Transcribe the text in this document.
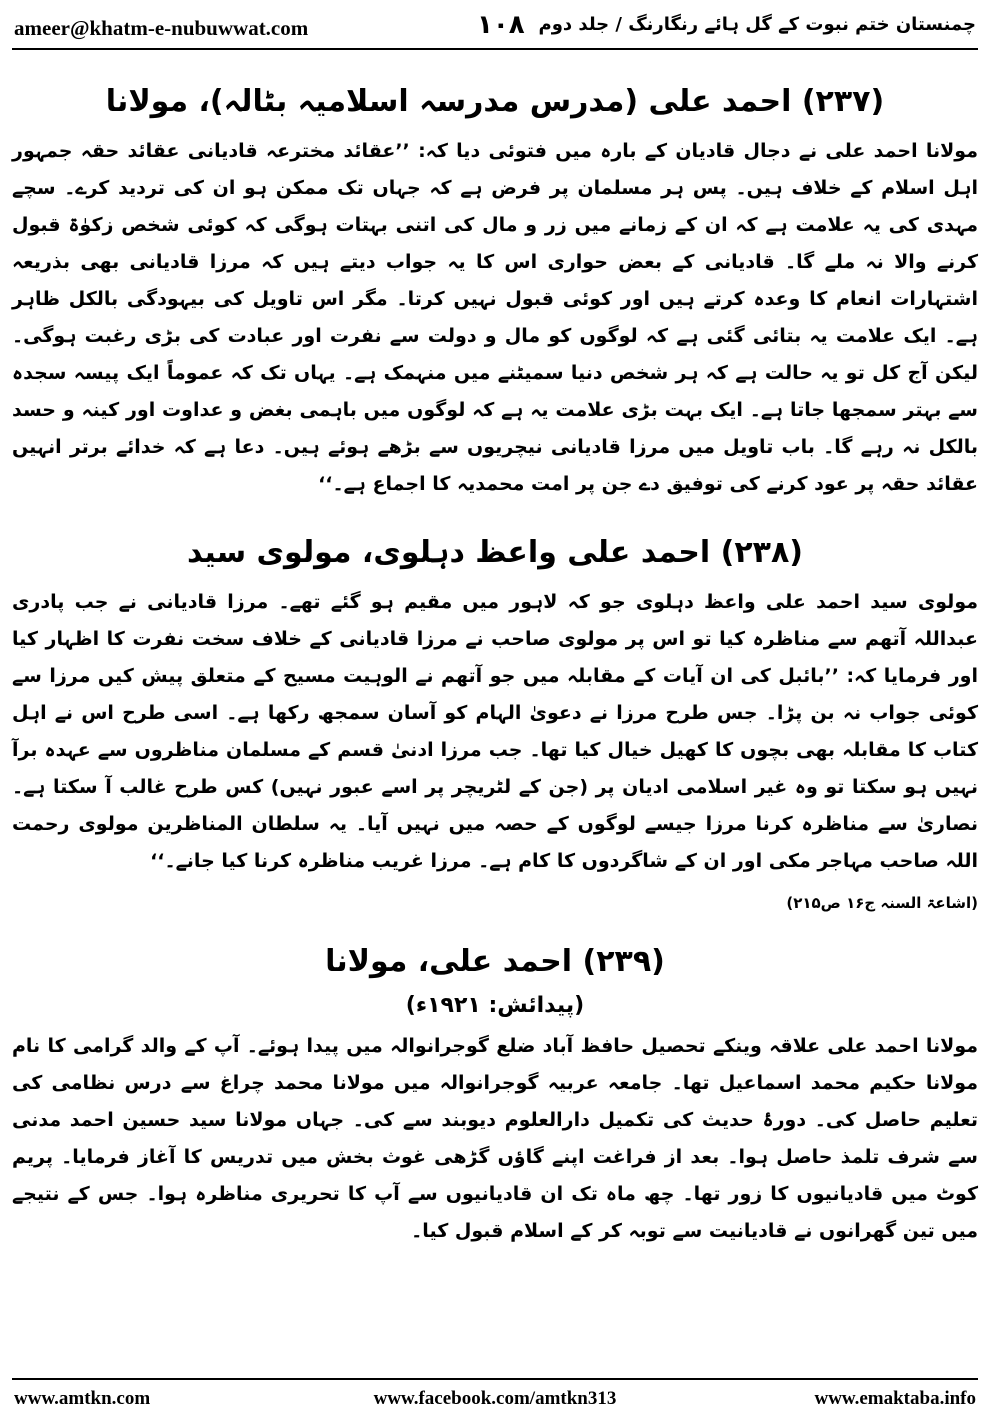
ameer@khatm-e-nubuwwat.com	۱۰۸ چمنستان ختم نبوت کے گل ہائے رنگارنگ / جلد دوم
(۲۳۷) احمد علی (مدرس مدرسہ اسلامیہ بٹالہ)، مولانا

مولانا احمد علی نے دجال قادیان کے بارہ میں فتوئی دیا کہ: ’’عقائد مخترعہ قادیانی عقائد حقہ جمہور اہل اسلام کے خلاف ہیں۔ پس ہر مسلمان پر فرض ہے کہ جہاں تک ممکن ہو ان کی تردید کرے۔ سچے مہدی کی یہ علامت ہے کہ ان کے زمانے میں زر و مال کی اتنی بہتات ہوگی کہ کوئی شخص زکوٰۃ قبول کرنے والا نہ ملے گا۔ قادیانی کے بعض حواری اس کا یہ جواب دیتے ہیں کہ مرزا قادیانی بھی بذریعہ اشتہارات انعام کا وعدہ کرتے ہیں اور کوئی قبول نہیں کرتا۔ مگر اس تاویل کی بیہودگی بالکل ظاہر ہے۔ ایک علامت یہ بتائی گئی ہے کہ لوگوں کو مال و دولت سے نفرت اور عبادت کی بڑی رغبت ہوگی۔ لیکن آج کل تو یہ حالت ہے کہ ہر شخص دنیا سمیٹنے میں منہمک ہے۔ یہاں تک کہ عموماً ایک پیسہ سجدہ سے بہتر سمجھا جاتا ہے۔ ایک بہت بڑی علامت یہ ہے کہ لوگوں میں باہمی بغض و عداوت اور کینہ و حسد بالکل نہ رہے گا۔ باب تاویل میں مرزا قادیانی نیچریوں سے بڑھے ہوئے ہیں۔ دعا ہے کہ خدائے برتر انہیں عقائد حقہ پر عود کرنے کی توفیق دے جن پر امت محمدیہ کا اجماع ہے۔‘‘

(۲۳۸) احمد علی واعظ دہلوی، مولوی سید

مولوی سید احمد علی واعظ دہلوی جو کہ لاہور میں مقیم ہو گئے تھے۔ مرزا قادیانی نے جب پادری عبداللہ آتھم سے مناظرہ کیا تو اس پر مولوی صاحب نے مرزا قادیانی کے خلاف سخت نفرت کا اظہار کیا اور فرمایا کہ: ’’بائبل کی ان آیات کے مقابلہ میں جو آتھم نے الوہیت مسیح کے متعلق پیش کیں مرزا سے کوئی جواب نہ بن پڑا۔ جس طرح مرزا نے دعویٰ الہام کو آسان سمجھ رکھا ہے۔ اسی طرح اس نے اہل کتاب کا مقابلہ بھی بچوں کا کھیل خیال کیا تھا۔ جب مرزا ادنیٰ قسم کے مسلمان مناظروں سے عہدہ برآ نہیں ہو سکتا تو وہ غیر اسلامی ادیان پر (جن کے لٹریچر پر اسے عبور نہیں) کس طرح غالب آ سکتا ہے۔ نصاریٰ سے مناظرہ کرنا مرزا جیسے لوگوں کے حصہ میں نہیں آیا۔ یہ سلطان المناظرین مولوی رحمت اللہ صاحب مہاجر مکی اور ان کے شاگردوں کا کام ہے۔ مرزا غریب مناظرہ کرنا کیا جانے۔‘‘

(اشاعۃ السنہ ج۱۶ ص۲۱۵)

(۲۳۹) احمد علی، مولانا
(پیدائش: ۱۹۲۱ء)

مولانا احمد علی علاقہ وینکے تحصیل حافظ آباد ضلع گوجرانوالہ میں پیدا ہوئے۔ آپ کے والد گرامی کا نام مولانا حکیم محمد اسماعیل تھا۔ جامعہ عربیہ گوجرانوالہ میں مولانا محمد چراغ سے درس نظامی کی تعلیم حاصل کی۔ دورۂ حدیث کی تکمیل دارالعلوم دیوبند سے کی۔ جہاں مولانا سید حسین احمد مدنی سے شرف تلمذ حاصل ہوا۔ بعد از فراغت اپنے گاؤں گڑھی غوث بخش میں تدریس کا آغاز فرمایا۔ پریم کوٹ میں قادیانیوں کا زور تھا۔ چھ ماہ تک ان قادیانیوں سے آپ کا تحریری مناظرہ ہوا۔ جس کے نتیجے میں تین گھرانوں نے قادیانیت سے توبہ کر کے اسلام قبول کیا۔

www.amtkn.com	www.facebook.com/amtkn313	www.emaktaba.info
